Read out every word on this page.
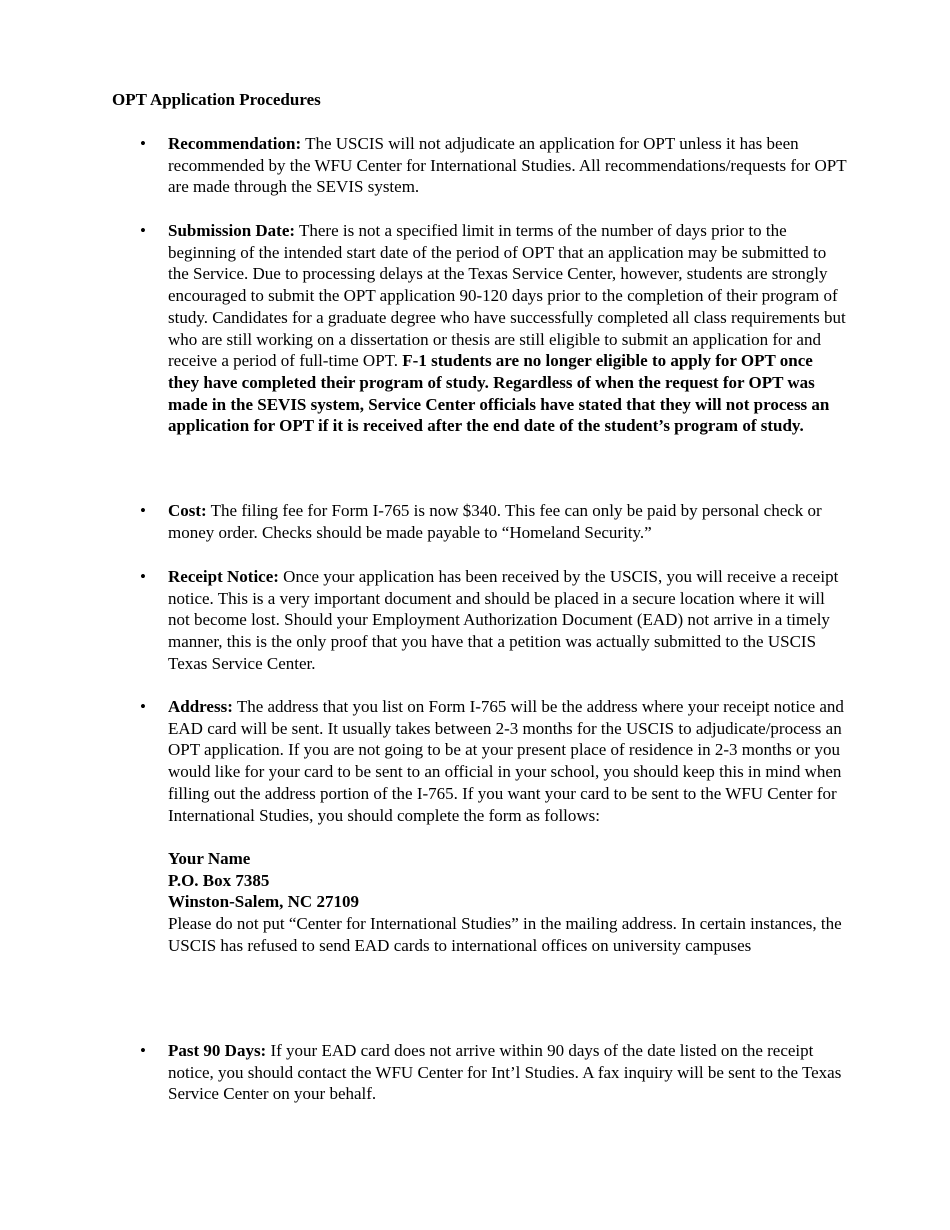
OPT Application Procedures
• Recommendation: The USCIS will not adjudicate an application for OPT unless it has been recommended by the WFU Center for International Studies. All recommendations/requests for OPT are made through the SEVIS system.
• Submission Date: There is not a specified limit in terms of the number of days prior to the beginning of the intended start date of the period of OPT that an application may be submitted to the Service. Due to processing delays at the Texas Service Center, however, students are strongly encouraged to submit the OPT application 90-120 days prior to the completion of their program of study. Candidates for a graduate degree who have successfully completed all class requirements but who are still working on a dissertation or thesis are still eligible to submit an application for and receive a period of full-time OPT. F-1 students are no longer eligible to apply for OPT once they have completed their program of study. Regardless of when the request for OPT was made in the SEVIS system, Service Center officials have stated that they will not process an application for OPT if it is received after the end date of the student’s program of study.
• Cost: The filing fee for Form I-765 is now $340. This fee can only be paid by personal check or money order. Checks should be made payable to “Homeland Security.”
• Receipt Notice: Once your application has been received by the USCIS, you will receive a receipt notice. This is a very important document and should be placed in a secure location where it will not become lost. Should your Employment Authorization Document (EAD) not arrive in a timely manner, this is the only proof that you have that a petition was actually submitted to the USCIS Texas Service Center.
• Address: The address that you list on Form I-765 will be the address where your receipt notice and EAD card will be sent. It usually takes between 2-3 months for the USCIS to adjudicate/process an OPT application. If you are not going to be at your present place of residence in 2-3 months or you would like for your card to be sent to an official in your school, you should keep this in mind when filling out the address portion of the I-765. If you want your card to be sent to the WFU Center for International Studies, you should complete the form as follows:

Your Name
P.O. Box 7385
Winston-Salem, NC 27109

Please do not put “Center for International Studies” in the mailing address. In certain instances, the USCIS has refused to send EAD cards to international offices on university campuses

• Past 90 Days: If your EAD card does not arrive within 90 days of the date listed on the receipt notice, you should contact the WFU Center for Int’l Studies. A fax inquiry will be sent to the Texas Service Center on your behalf.
